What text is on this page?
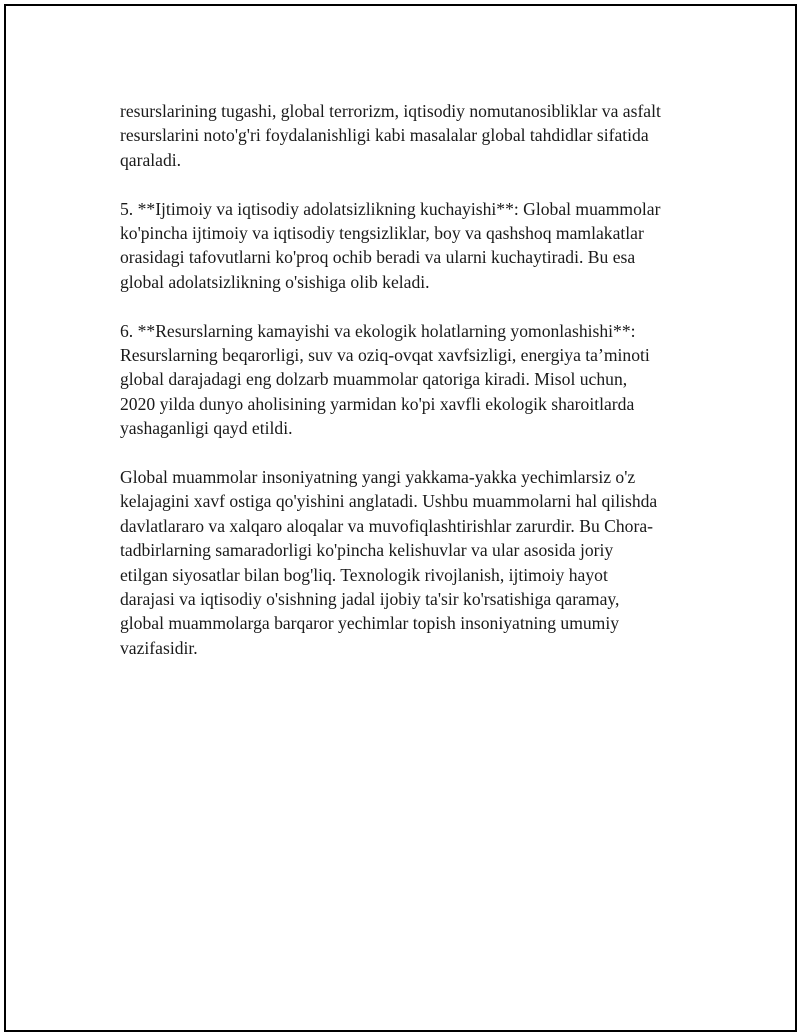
resurslarining tugashi, global terrorizm, iqtisodiy nomutanosibliklar va asfalt
resurslarini noto'g'ri foydalanishligi kabi masalalar global tahdidlar sifatida
qaraladi.

5. **Ijtimoiy va iqtisodiy adolatsizlikning kuchayishi**: Global muammolar
ko'pincha ijtimoiy va iqtisodiy tengsizliklar, boy va qashshoq mamlakatlar
orasidagi tafovutlarni ko'proq ochib beradi va ularni kuchaytiradi. Bu esa
global adolatsizlikning o'sishiga olib keladi.

6. **Resurslarning kamayishi va ekologik holatlarning yomonlashishi**:
Resurslarning beqarorligi, suv va oziq-ovqat xavfsizligi, energiya ta’minoti
global darajadagi eng dolzarb muammolar qatoriga kiradi. Misol uchun,
2020 yilda dunyo aholisining yarmidan ko'pi xavfli ekologik sharoitlarda
yashaganligi qayd etildi.

Global muammolar insoniyatning yangi yakkama-yakka yechimlarsiz o'z
kelajagini xavf ostiga qo'yishini anglatadi. Ushbu muammolarni hal qilishda
davlatlararo va xalqaro aloqalar va muvofiqlashtirishlar zarurdir. Bu Chora-
tadbirlarning samaradorligi ko'pincha kelishuvlar va ular asosida joriy
etilgan siyosatlar bilan bog'liq. Texnologik rivojlanish, ijtimoiy hayot
darajasi va iqtisodiy o'sishning jadal ijobiy ta'sir ko'rsatishiga qaramay,
global muammolarga barqaror yechimlar topish insoniyatning umumiy
vazifasidir.
